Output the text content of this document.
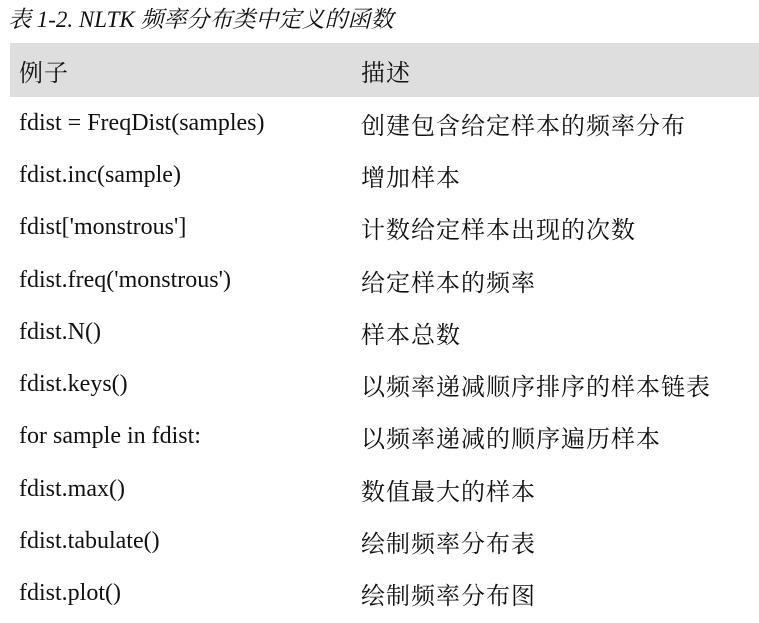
表 1-2. NLTK 频率分布类中定义的函数
例子	描述
fdist = FreqDist(samples)	创建包含给定样本的频率分布
fdist.inc(sample)	增加样本
fdist['monstrous']	计数给定样本出现的次数
fdist.freq('monstrous')	给定样本的频率
fdist.N()	样本总数
fdist.keys()	以频率递减顺序排序的样本链表
for sample in fdist:	以频率递减的顺序遍历样本
fdist.max()	数值最大的样本
fdist.tabulate()	绘制频率分布表
fdist.plot()	绘制频率分布图
